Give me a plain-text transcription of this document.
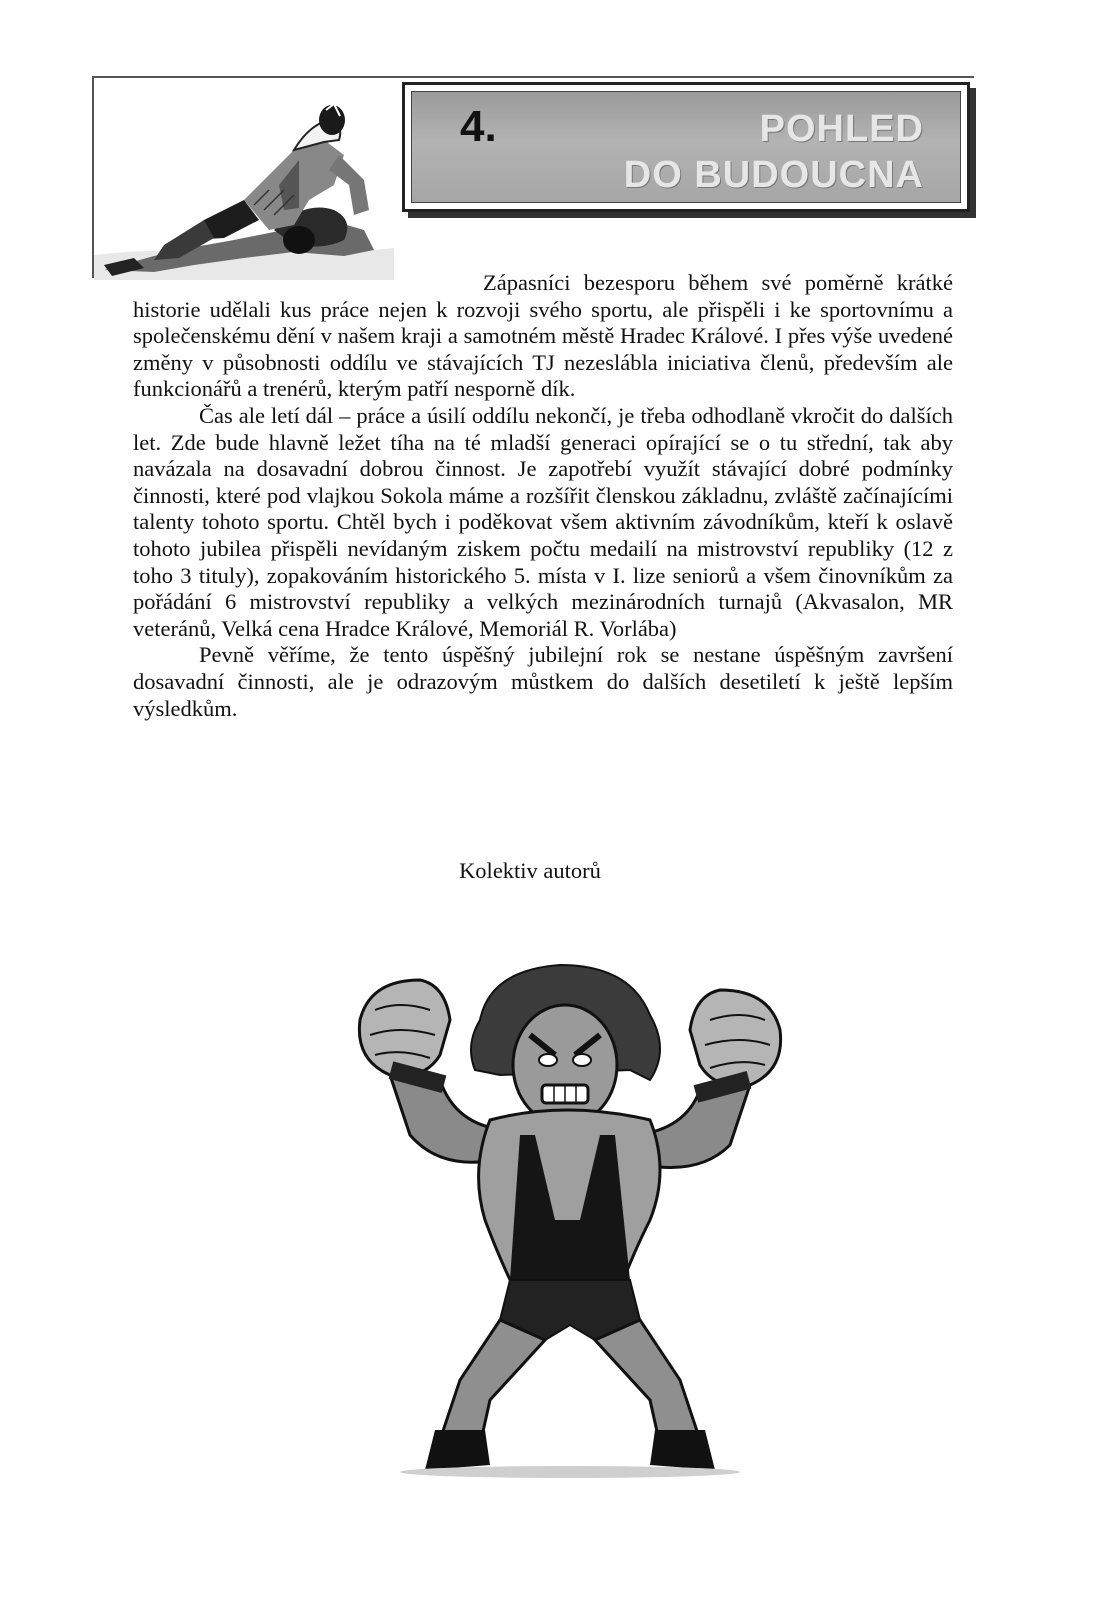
4.	POHLED
DO BUDOUCNA

Zápasníci bezesporu během své poměrně krátké historie udělali kus práce nejen k rozvoji svého sportu, ale přispěli i ke sportovnímu a společenskému dění v našem kraji a samotném městě Hradec Králové. I přes výše uvedené změny v působnosti oddílu ve stávajících TJ nezeslábla iniciativa členů, především ale funkcionářů a trenérů, kterým patří nesporně dík.

Čas ale letí dál – práce a úsilí oddílu nekončí, je třeba odhodlaně vkročit do dalších let. Zde bude hlavně ležet tíha na té mladší generaci opírající se o tu střední, tak aby navázala na dosavadní dobrou činnost. Je zapotřebí využít stávající dobré podmínky činnosti, které pod vlajkou Sokola máme a rozšířit členskou základnu, zvláště začínajícími talenty tohoto sportu. Chtěl bych i poděkovat všem aktivním závodníkům, kteří k oslavě tohoto jubilea přispěli nevídaným ziskem počtu medailí na mistrovství republiky (12 z toho 3 tituly), zopakováním historického 5. místa v I. lize seniorů a všem činovníkům za pořádání 6 mistrovství republiky a velkých mezinárodních turnajů (Akvasalon, MR veteránů, Velká cena Hradce Králové, Memoriál R. Vorlába)

Pevně věříme, že tento úspěšný jubilejní rok se nestane úspěšným završení dosavadní činnosti, ale je odrazovým můstkem do dalších desetiletí k ještě lepším výsledkům.

Kolektiv autorů
